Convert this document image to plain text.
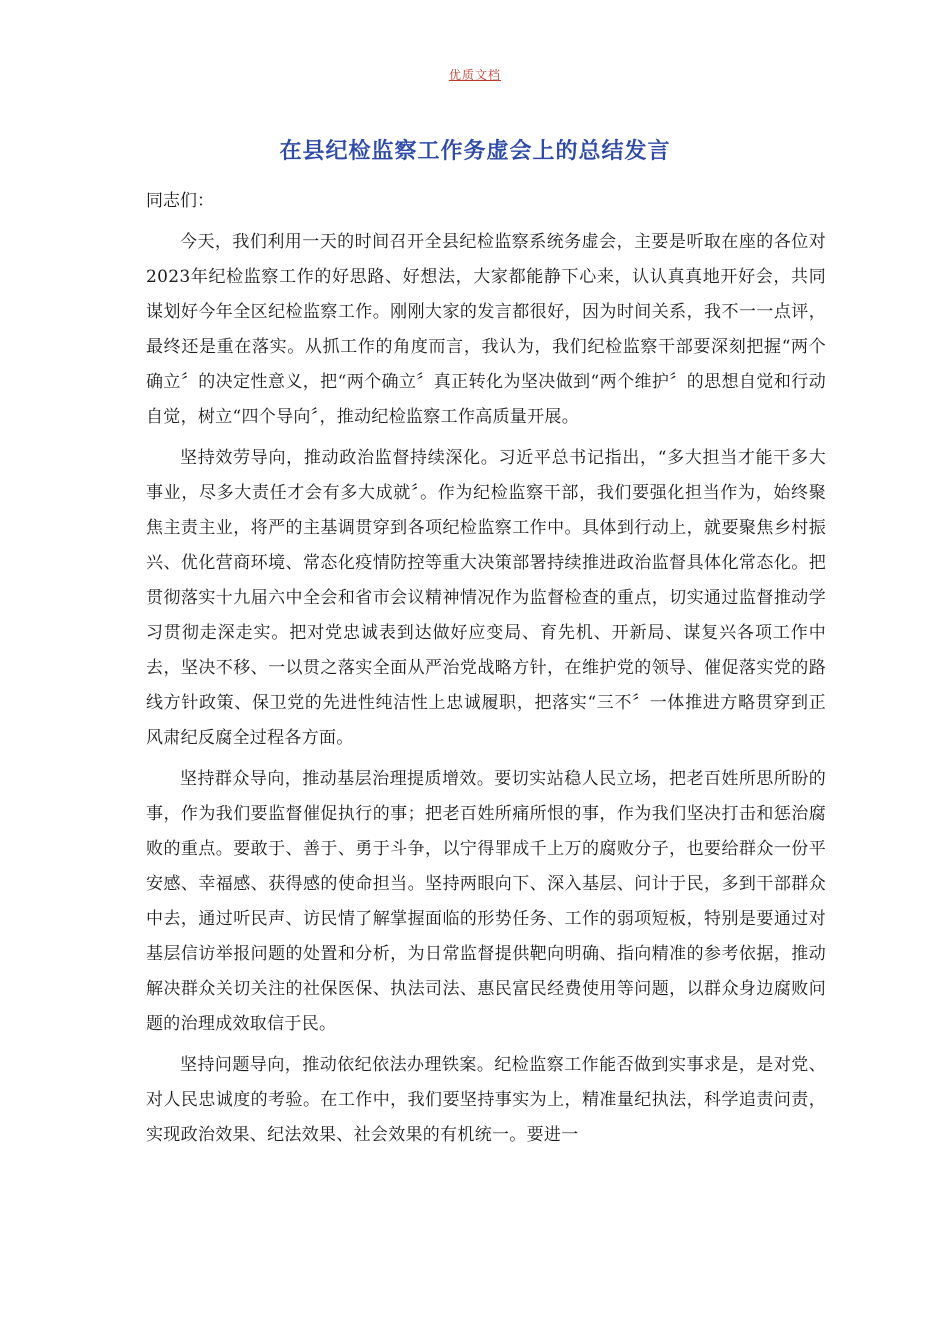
优质文档
在县纪检监察工作务虚会上的总结发言
同志们：

今天，我们利用一天的时间召开全县纪检监察系统务虚会，主要是听取在座的各位对2023年纪检监察工作的好思路、好想法，大家都能静下心来，认认真真地开好会，共同谋划好今年全区纪检监察工作。刚刚大家的发言都很好，因为时间关系，我不一一点评，最终还是重在落实。从抓工作的角度而言，我认为，我们纪检监察干部要深刻把握“两个确立〞的决定性意义，把“两个确立〞真正转化为坚决做到“两个维护〞的思想自觉和行动自觉，树立“四个导向〞，推动纪检监察工作高质量开展。

坚持效劳导向，推动政治监督持续深化。习近平总书记指出，“多大担当才能干多大事业，尽多大责任才会有多大成就〞。作为纪检监察干部，我们要强化担当作为，始终聚焦主责主业，将严的主基调贯穿到各项纪检监察工作中。具体到行动上，就要聚焦乡村振兴、优化营商环境、常态化疫情防控等重大决策部署持续推进政治监督具体化常态化。把贯彻落实十九届六中全会和省市会议精神情况作为监督检查的重点，切实通过监督推动学习贯彻走深走实。把对党忠诚表到达做好应变局、育先机、开新局、谋复兴各项工作中去，坚决不移、一以贯之落实全面从严治党战略方针，在维护党的领导、催促落实党的路线方针政策、保卫党的先进性纯洁性上忠诚履职，把落实“三不〞一体推进方略贯穿到正风肃纪反腐全过程各方面。

坚持群众导向，推动基层治理提质增效。要切实站稳人民立场，把老百姓所思所盼的事，作为我们要监督催促执行的事；把老百姓所痛所恨的事，作为我们坚决打击和惩治腐败的重点。要敢于、善于、勇于斗争，以宁得罪成千上万的腐败分子，也要给群众一份平安感、幸福感、获得感的使命担当。坚持两眼向下、深入基层、问计于民，多到干部群众中去，通过听民声、访民情了解掌握面临的形势任务、工作的弱项短板，特别是要通过对基层信访举报问题的处置和分析，为日常监督提供靶向明确、指向精准的参考依据，推动解决群众关切关注的社保医保、执法司法、惠民富民经费使用等问题，以群众身边腐败问题的治理成效取信于民。

坚持问题导向，推动依纪依法办理铁案。纪检监察工作能否做到实事求是，是对党、对人民忠诚度的考验。在工作中，我们要坚持事实为上，精准量纪执法，科学追责问责，实现政治效果、纪法效果、社会效果的有机统一。要进一
